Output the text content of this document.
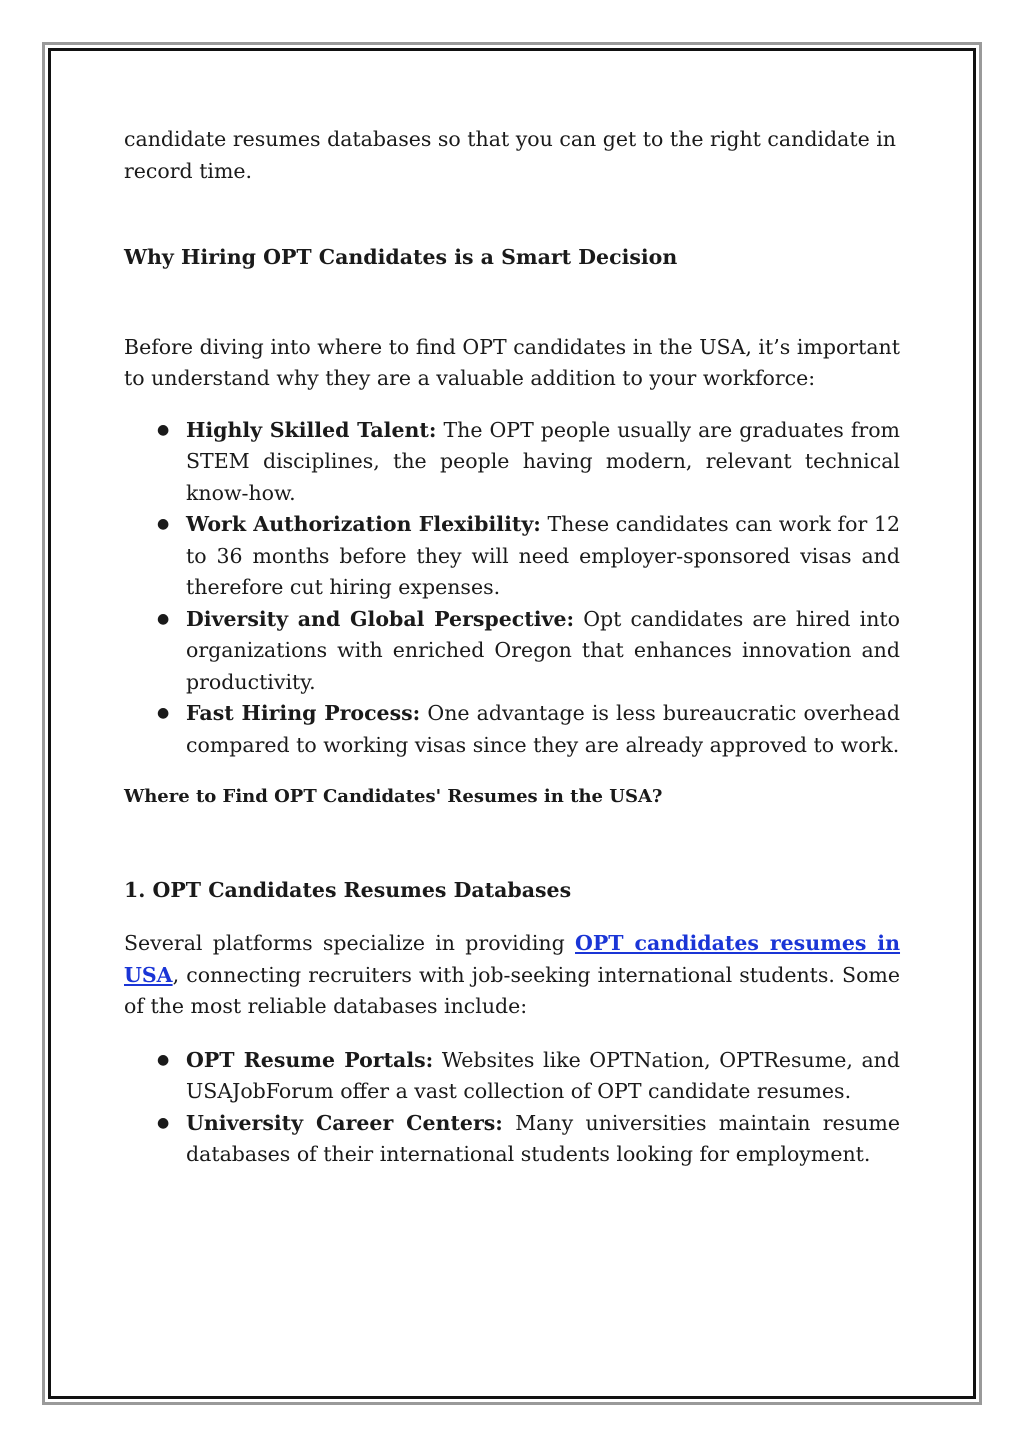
candidate resumes databases so that you can get to the right candidate in record time.

Why Hiring OPT Candidates is a Smart Decision

Before diving into where to find OPT candidates in the USA, it’s important to understand why they are a valuable addition to your workforce:

● Highly Skilled Talent: The OPT people usually are graduates from STEM disciplines, the people having modern, relevant technical know-how.
● Work Authorization Flexibility: These candidates can work for 12 to 36 months before they will need employer-sponsored visas and therefore cut hiring expenses.
● Diversity and Global Perspective: Opt candidates are hired into organizations with enriched Oregon that enhances innovation and productivity.
● Fast Hiring Process: One advantage is less bureaucratic overhead compared to working visas since they are already approved to work.
Where to Find OPT Candidates' Resumes in the USA?
1. OPT Candidates Resumes Databases

Several platforms specialize in providing OPT candidates resumes in USA, connecting recruiters with job-seeking international students. Some of the most reliable databases include:

● OPT Resume Portals: Websites like OPTNation, OPTResume, and USAJobForum offer a vast collection of OPT candidate resumes.
● University Career Centers: Many universities maintain resume databases of their international students looking for employment.
